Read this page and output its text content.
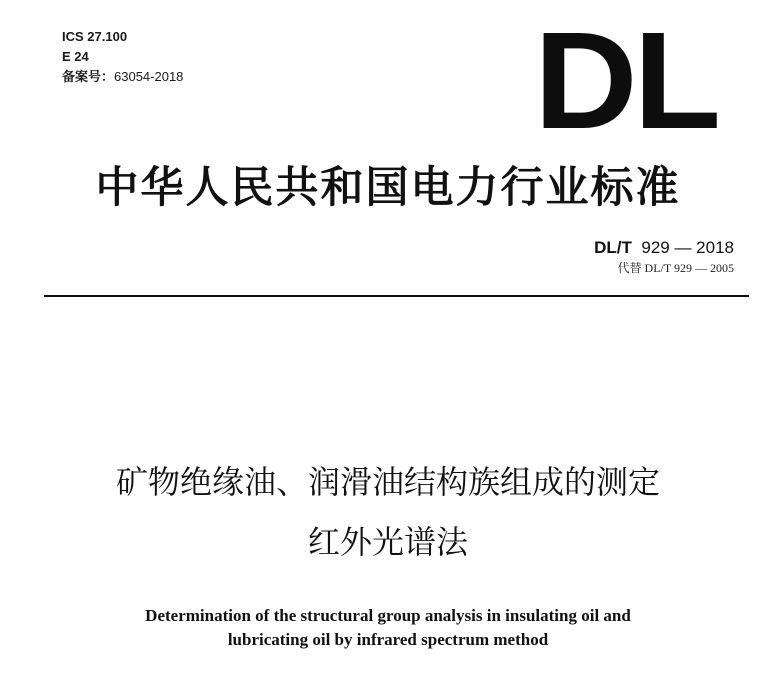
ICS 27.100
E 24
备案号：63054-2018	DL
中华人民共和国电力行业标准
DL/T 929 — 2018
代替 DL/T 929 — 2005
矿物绝缘油、润滑油结构族组成的测定
红外光谱法
Determination of the structural group analysis in insulating oil and
lubricating oil by infrared spectrum method
